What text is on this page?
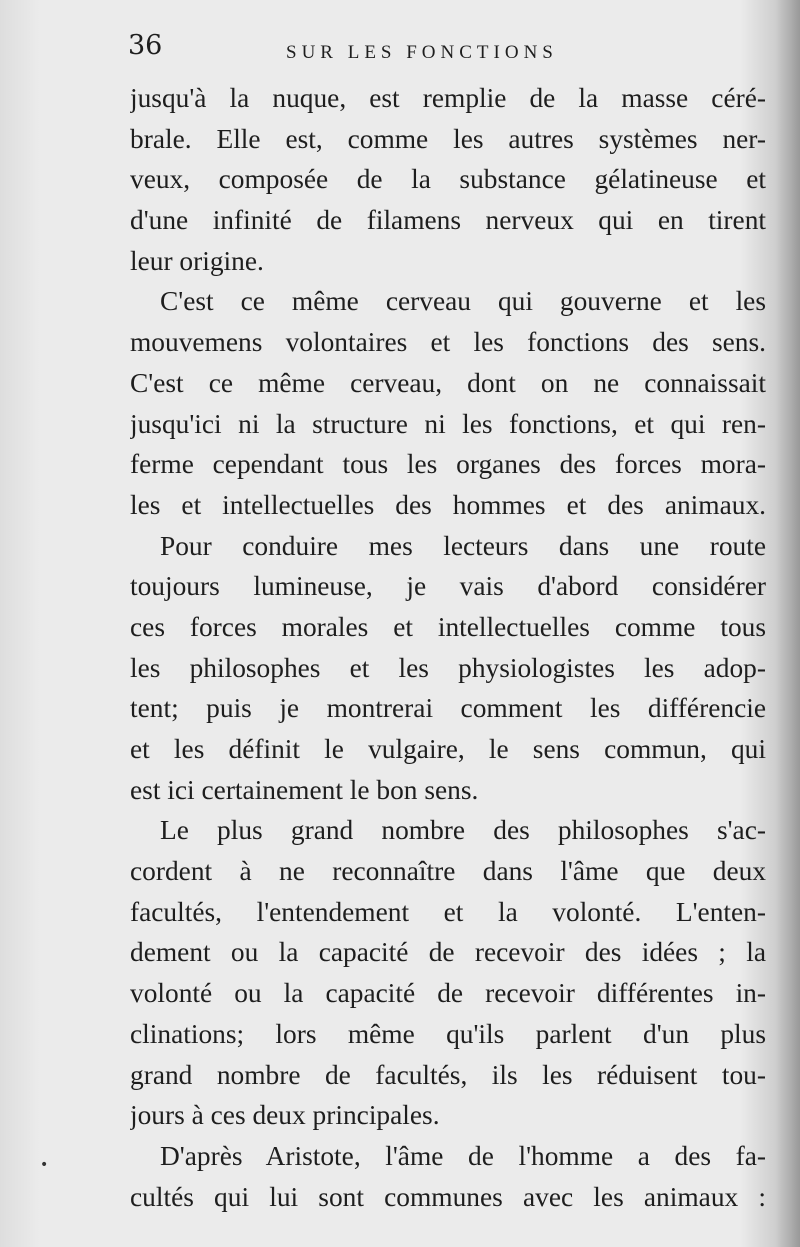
36	SUR LES FONCTIONS
jusqu'à la nuque, est remplie de la masse céré-
brale. Elle est, comme les autres systèmes ner-
veux, composée de la substance gélatineuse et
d'une infinité de filamens nerveux qui en tirent
leur origine.
C'est ce même cerveau qui gouverne et les
mouvemens volontaires et les fonctions des sens.
C'est ce même cerveau, dont on ne connaissait
jusqu'ici ni la structure ni les fonctions, et qui ren-
ferme cependant tous les organes des forces mora-
les et intellectuelles des hommes et des animaux.
Pour conduire mes lecteurs dans une route
toujours lumineuse, je vais d'abord considérer
ces forces morales et intellectuelles comme tous
les philosophes et les physiologistes les adop-
tent; puis je montrerai comment les différencie
et les définit le vulgaire, le sens commun, qui
est ici certainement le bon sens.
Le plus grand nombre des philosophes s'ac-
cordent à ne reconnaître dans l'âme que deux
facultés, l'entendement et la volonté. L'enten-
dement ou la capacité de recevoir des idées ; la
volonté ou la capacité de recevoir différentes in-
clinations; lors même qu'ils parlent d'un plus
grand nombre de facultés, ils les réduisent tou-
jours à ces deux principales.
D'après Aristote, l'âme de l'homme a des fa-
cultés qui lui sont communes avec les animaux :
•
